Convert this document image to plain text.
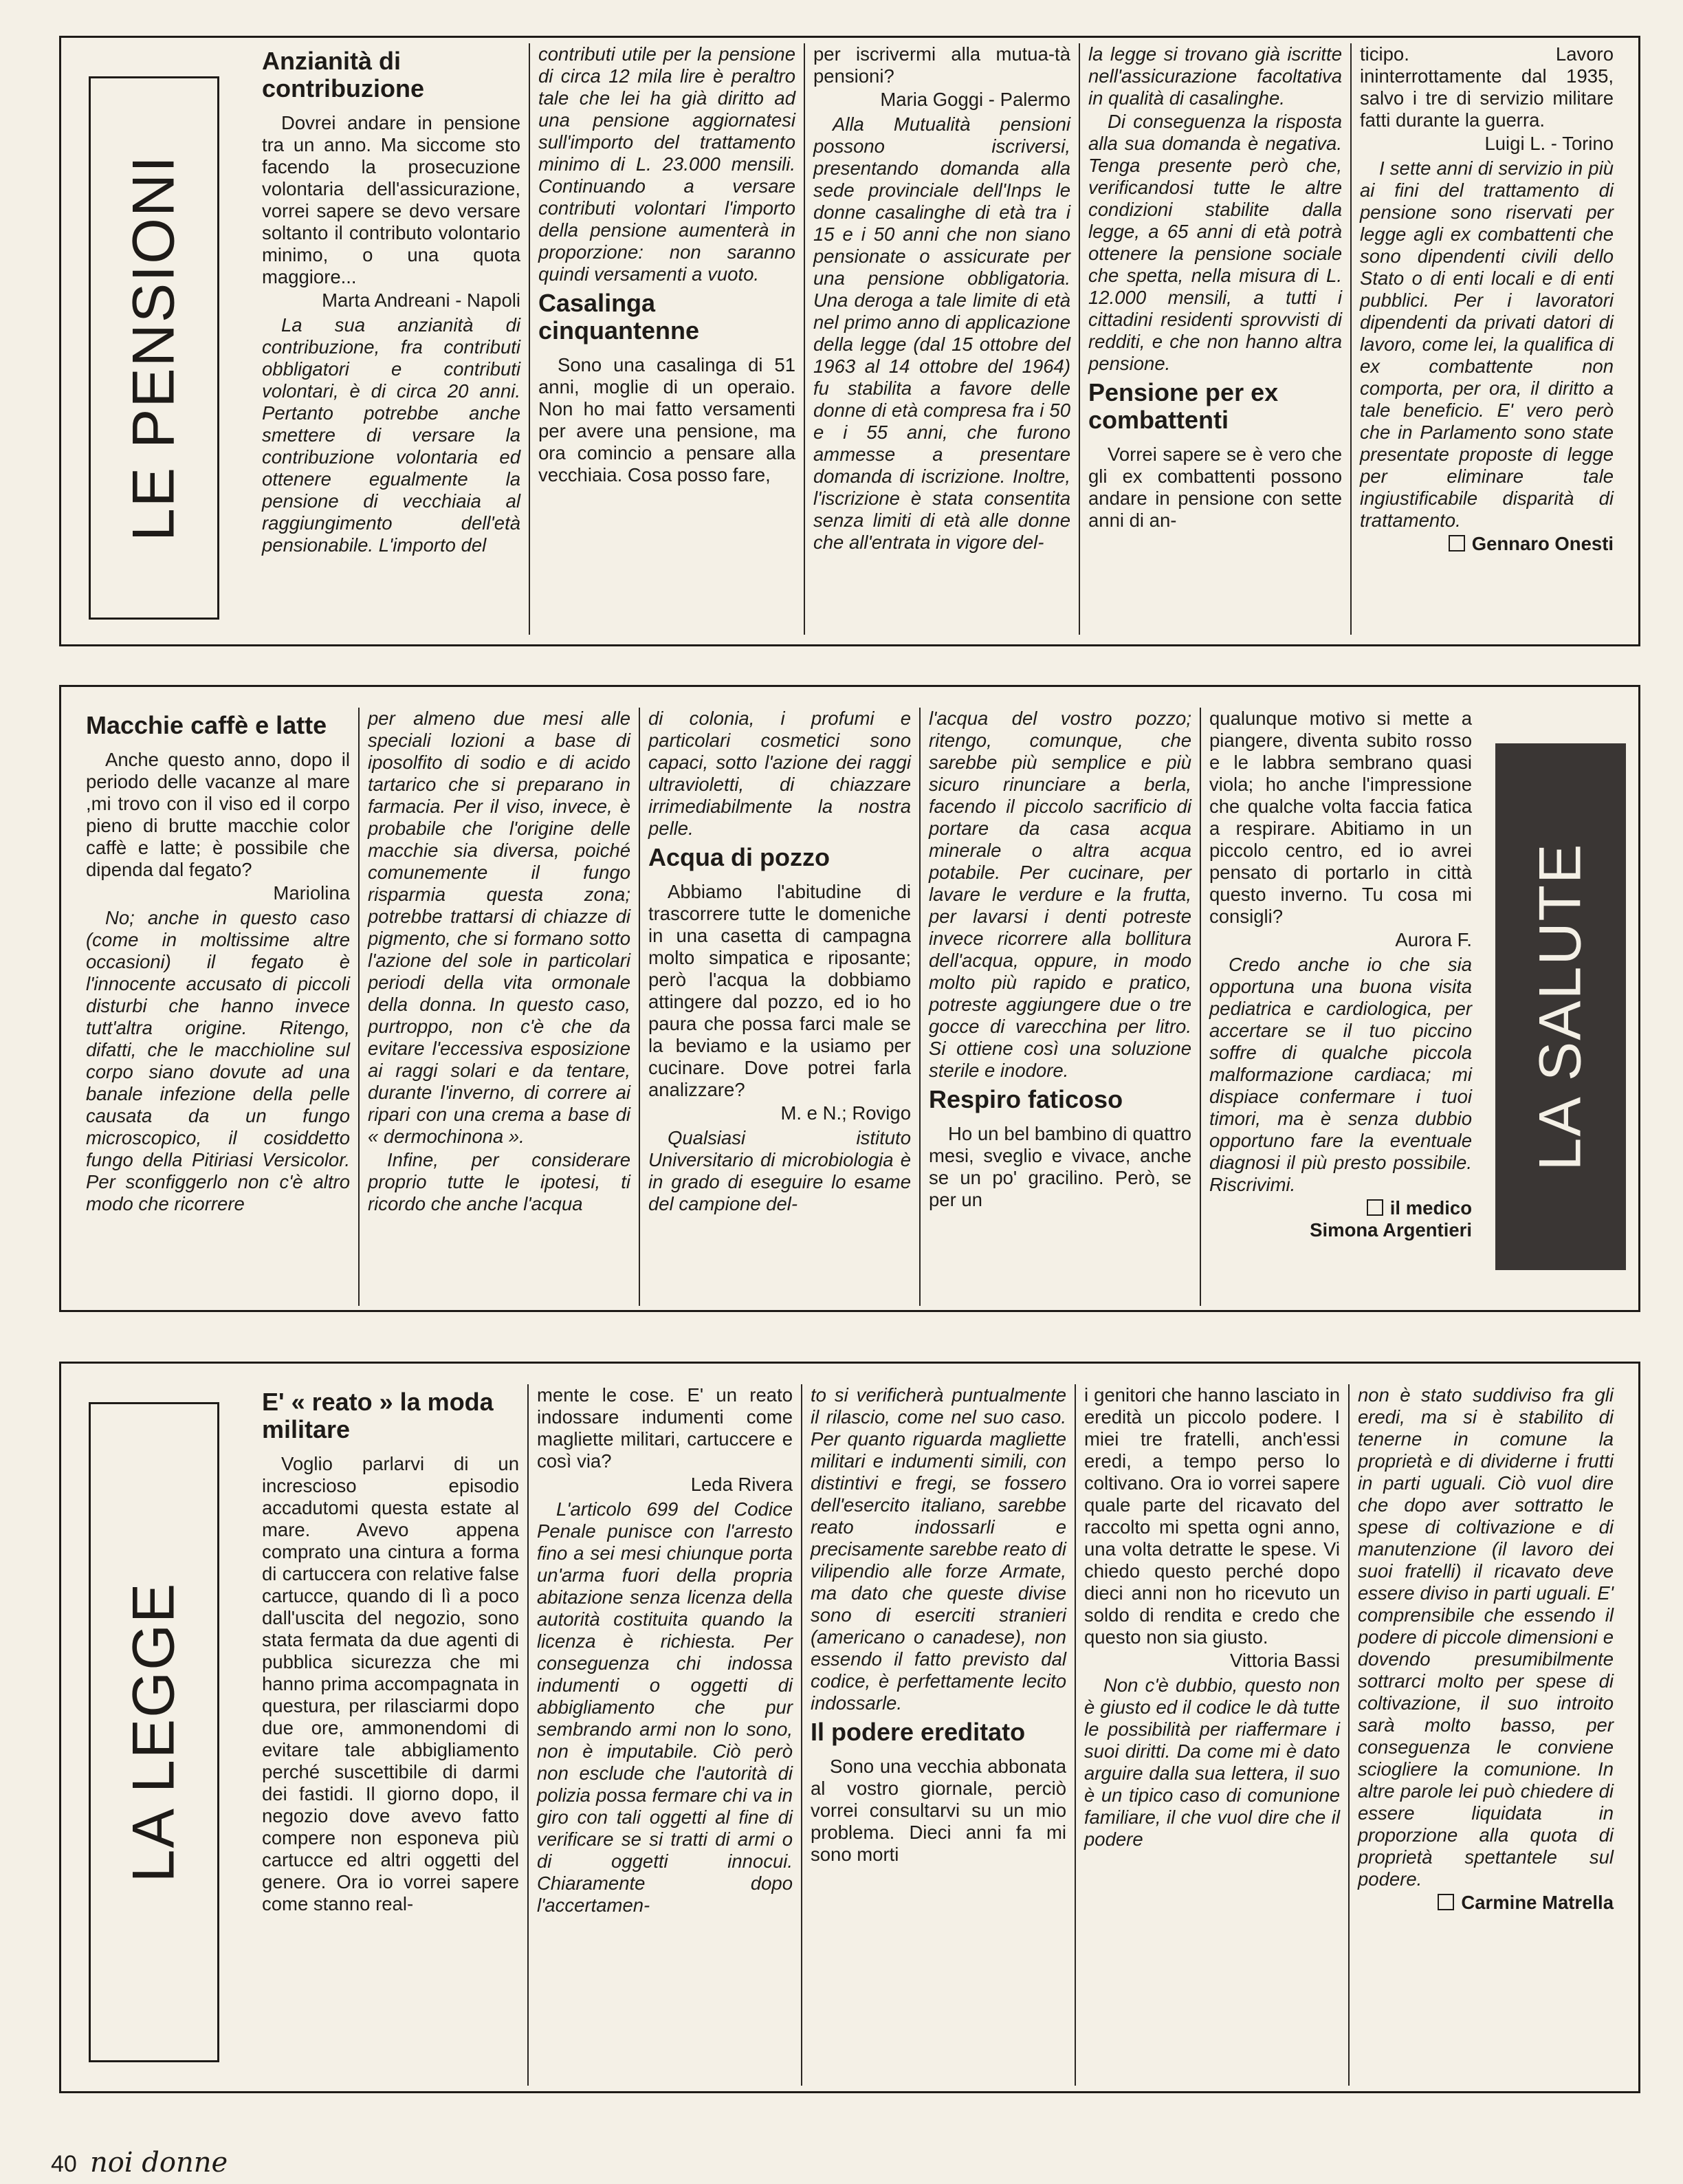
LE PENSIONI
Anzianità di contribuzione

Dovrei andare in pensione tra un anno. Ma siccome sto facendo la prosecuzione volontaria dell'assicurazione, vorrei sapere se devo versare soltanto il contributo volontario minimo, o una quota maggiore...

Marta Andreani - Napoli

La sua anzianità di contribuzione, fra contributi obbligatori e contributi volontari, è di circa 20 anni. Pertanto potrebbe anche smettere di versare la contribuzione volontaria ed ottenere egualmente la pensione di vecchiaia al raggiungimento dell'età pensionabile. L'importo del

contributi utile per la pensione di circa 12 mila lire è peraltro tale che lei ha già diritto ad una pensione aggiornatesi sull'importo del trattamento minimo di L. 23.000 mensili. Continuando a versare contributi volontari l'importo della pensione aumenterà in proporzione: non saranno quindi versamenti a vuoto.

Casalinga cinquantenne

Sono una casalinga di 51 anni, moglie di un operaio. Non ho mai fatto versamenti per avere una pensione, ma ora comincio a pensare alla vecchiaia. Cosa posso fare,

per iscrivermi alla mutua-tà pensioni?

Maria Goggi - Palermo

Alla Mutualità pensioni possono iscriversi, presentando domanda alla sede provinciale dell'Inps le donne casalinghe di età tra i 15 e i 50 anni che non siano pensionate o assicurate per una pensione obbligatoria. Una deroga a tale limite di età nel primo anno di applicazione della legge (dal 15 ottobre del 1963 al 14 ottobre del 1964) fu stabilita a favore delle donne di età compresa fra i 50 e i 55 anni, che furono ammesse a presentare domanda di iscrizione. Inoltre, l'iscrizione è stata consentita senza limiti di età alle donne che all'entrata in vigore del-

la legge si trovano già iscritte nell'assicurazione facoltativa in qualità di casalinghe.

Di conseguenza la risposta alla sua domanda è negativa. Tenga presente però che, verificandosi tutte le altre condizioni stabilite dalla legge, a 65 anni di età potrà ottenere la pensione sociale che spetta, nella misura di L. 12.000 mensili, a tutti i cittadini residenti sprovvisti di redditi, e che non hanno altra pensione.

Pensione per ex combattenti

Vorrei sapere se è vero che gli ex combattenti possono andare in pensione con sette anni di an-

ticipo. Lavoro ininterrottamente dal 1935, salvo i tre di servizio militare fatti durante la guerra.

Luigi L. - Torino

I sette anni di servizio in più ai fini del trattamento di pensione sono riservati per legge agli ex combattenti che sono dipendenti civili dello Stato o di enti locali e di enti pubblici. Per i lavoratori dipendenti da privati datori di lavoro, come lei, la qualifica di ex combattente non comporta, per ora, il diritto a tale beneficio. E' vero però che in Parlamento sono state presentate proposte di legge per eliminare tale ingiustificabile disparità di trattamento.

Gennaro Onesti

Macchie caffè e latte

Anche questo anno, dopo il periodo delle vacanze al mare ,mi trovo con il viso ed il corpo pieno di brutte macchie color caffè e latte; è possibile che dipenda dal fegato?

Mariolina

No; anche in questo caso (come in moltissime altre occasioni) il fegato è l'innocente accusato di piccoli disturbi che hanno invece tutt'altra origine. Ritengo, difatti, che le macchioline sul corpo siano dovute ad una banale infezione della pelle causata da un fungo microscopico, il cosiddetto fungo della Pitiriasi Versicolor. Per sconfiggerlo non c'è altro modo che ricorrere

per almeno due mesi alle speciali lozioni a base di iposolfito di sodio e di acido tartarico che si preparano in farmacia. Per il viso, invece, è probabile che l'origine delle macchie sia diversa, poiché comunemente il fungo risparmia questa zona; potrebbe trattarsi di chiazze di pigmento, che si formano sotto l'azione del sole in particolari periodi della vita ormonale della donna. In questo caso, purtroppo, non c'è che da evitare l'eccessiva esposizione ai raggi solari e da tentare, durante l'inverno, di correre ai ripari con una crema a base di « dermochinona ».

Infine, per considerare proprio tutte le ipotesi, ti ricordo che anche l'acqua

di colonia, i profumi e particolari cosmetici sono capaci, sotto l'azione dei raggi ultravioletti, di chiazzare irrimediabilmente la nostra pelle.

Acqua di pozzo

Abbiamo l'abitudine di trascorrere tutte le domeniche in una casetta di campagna molto simpatica e riposante; però l'acqua la dobbiamo attingere dal pozzo, ed io ho paura che possa farci male se la beviamo e la usiamo per cucinare. Dove potrei farla analizzare?

M. e N.; Rovigo

Qualsiasi istituto Universitario di microbiologia è in grado di eseguire lo esame del campione del-

l'acqua del vostro pozzo; ritengo, comunque, che sarebbe più semplice e più sicuro rinunciare a berla, facendo il piccolo sacrificio di portare da casa acqua minerale o altra acqua potabile. Per cucinare, per lavare le verdure e la frutta, per lavarsi i denti potreste invece ricorrere alla bollitura dell'acqua, oppure, in modo molto più rapido e pratico, potreste aggiungere due o tre gocce di varecchina per litro. Si ottiene così una soluzione sterile e inodore.

Respiro faticoso

Ho un bel bambino di quattro mesi, sveglio e vivace, anche se un po' gracilino. Però, se per un

qualunque motivo si mette a piangere, diventa subito rosso e le labbra sembrano quasi viola; ho anche l'impressione che qualche volta faccia fatica a respirare. Abitiamo in un piccolo centro, ed io avrei pensato di portarlo in città questo inverno. Tu cosa mi consigli?

Aurora F.

Credo anche io che sia opportuna una buona visita pediatrica e cardiologica, per accertare se il tuo piccino soffre di qualche piccola malformazione cardiaca; mi dispiace confermare i tuoi timori, ma è senza dubbio opportuno fare la eventuale diagnosi il più presto possibile. Riscrivimi.

il medico

Simona Argentieri

LA SALUTE
LA LEGGE
E' « reato » la moda militare

Voglio parlarvi di un increscioso episodio accadutomi questa estate al mare. Avevo appena comprato una cintura a forma di cartuccera con relative false cartucce, quando di lì a poco dall'uscita del negozio, sono stata fermata da due agenti di pubblica sicurezza che mi hanno prima accompagnata in questura, per rilasciarmi dopo due ore, ammonendomi di evitare tale abbigliamento perché suscettibile di darmi dei fastidi. Il giorno dopo, il negozio dove avevo fatto compere non esponeva più cartucce ed altri oggetti del genere. Ora io vorrei sapere come stanno real-

mente le cose. E' un reato indossare indumenti come magliette militari, cartuccere e così via?

Leda Rivera

L'articolo 699 del Codice Penale punisce con l'arresto fino a sei mesi chiunque porta un'arma fuori della propria abitazione senza licenza della autorità costituita quando la licenza è richiesta. Per conseguenza chi indossa indumenti o oggetti di abbigliamento che pur sembrando armi non lo sono, non è imputabile. Ciò però non esclude che l'autorità di polizia possa fermare chi va in giro con tali oggetti al fine di verificare se si tratti di armi o di oggetti innocui. Chiaramente dopo l'accertamen-

to si verificherà puntualmente il rilascio, come nel suo caso. Per quanto riguarda magliette militari e indumenti simili, con distintivi e fregi, se fossero dell'esercito italiano, sarebbe reato indossarli e precisamente sarebbe reato di vilipendio alle forze Armate, ma dato che queste divise sono di eserciti stranieri (americano o canadese), non essendo il fatto previsto dal codice, è perfettamente lecito indossarle.

Il podere ereditato

Sono una vecchia abbonata al vostro giornale, perciò vorrei consultarvi su un mio problema. Dieci anni fa mi sono morti

i genitori che hanno lasciato in eredità un piccolo podere. I miei tre fratelli, anch'essi eredi, a tempo perso lo coltivano. Ora io vorrei sapere quale parte del ricavato del raccolto mi spetta ogni anno, una volta detratte le spese. Vi chiedo questo perché dopo dieci anni non ho ricevuto un soldo di rendita e credo che questo non sia giusto.

Vittoria Bassi

Non c'è dubbio, questo non è giusto ed il codice le dà tutte le possibilità per riaffermare i suoi diritti. Da come mi è dato arguire dalla sua lettera, il suo è un tipico caso di comunione familiare, il che vuol dire che il podere

non è stato suddiviso fra gli eredi, ma si è stabilito di tenerne in comune la proprietà e di dividerne i frutti in parti uguali. Ciò vuol dire che dopo aver sottratto le spese di coltivazione e di manutenzione (il lavoro dei suoi fratelli) il ricavato deve essere diviso in parti uguali. E' comprensibile che essendo il podere di piccole dimensioni e dovendo presumibilmente sottrarci molto per spese di coltivazione, il suo introito sarà molto basso, per conseguenza le conviene sciogliere la comunione. In altre parole lei può chiedere di essere liquidata in proporzione alla quota di proprietà spettantele sul podere.

Carmine Matrella

40 noi donne
